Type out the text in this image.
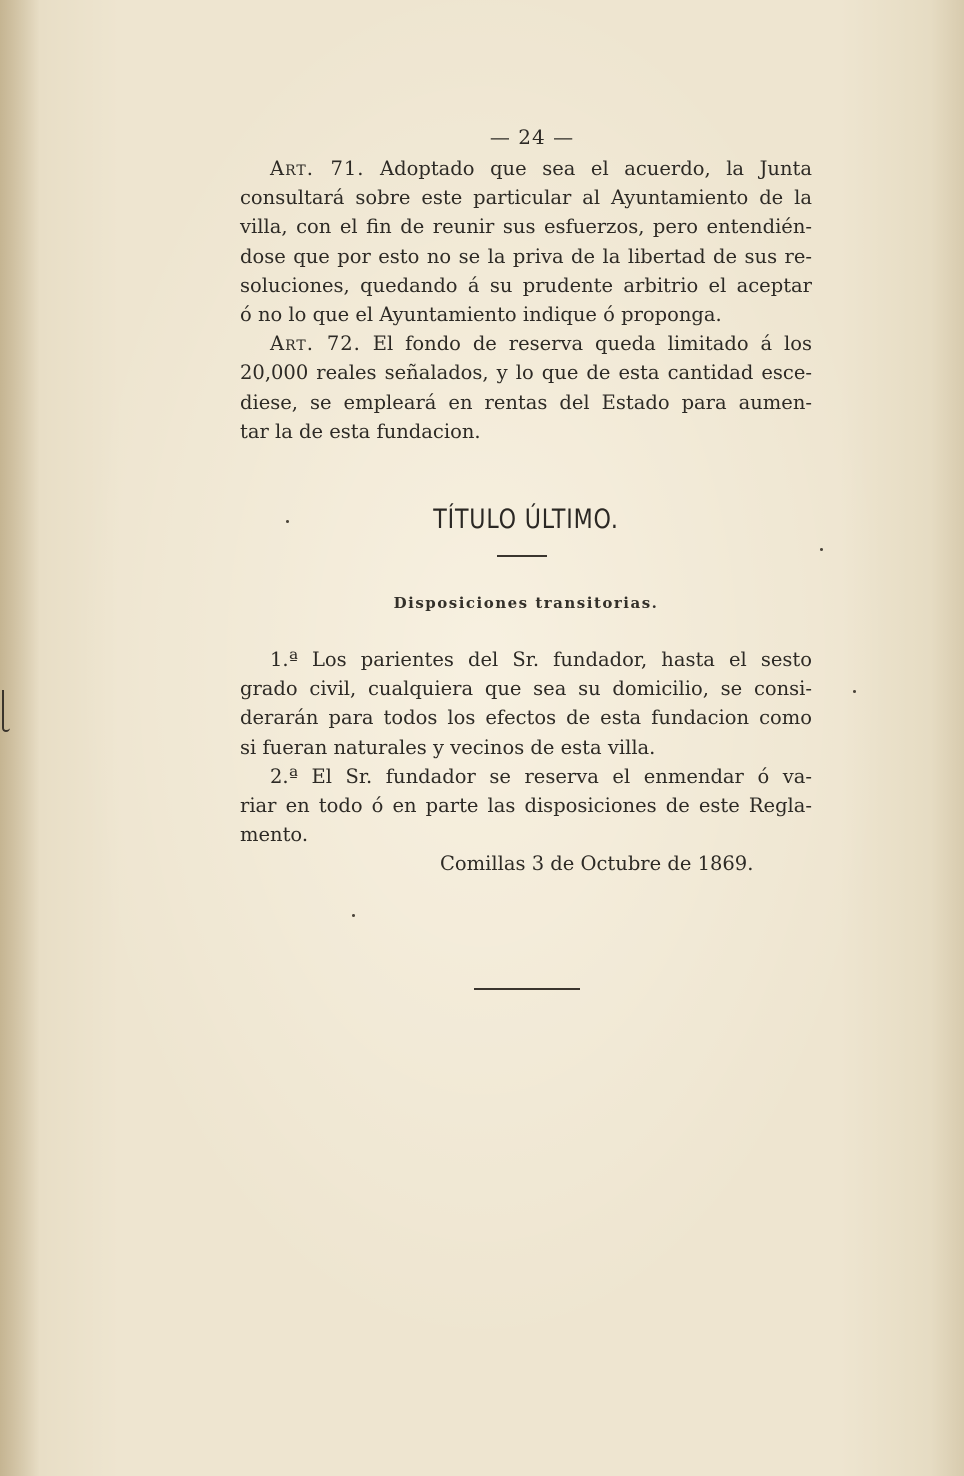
— 24 —

Art. 71. Adoptado que sea el acuerdo, la Junta
consultará sobre este particular al Ayuntamiento de la
villa, con el fin de reunir sus esfuerzos, pero entendién-
dose que por esto no se la priva de la libertad de sus re-
soluciones, quedando á su prudente arbitrio el aceptar
ó no lo que el Ayuntamiento indique ó proponga.

Art. 72. El fondo de reserva queda limitado á los
20,000 reales señalados, y lo que de esta cantidad esce-
diese, se empleará en rentas del Estado para aumen-
tar la de esta fundacion.

TÍTULO ÚLTIMO.
Disposiciones transitorias.

1.ª Los parientes del Sr. fundador, hasta el sesto
grado civil, cualquiera que sea su domicilio, se consi-
derarán para todos los efectos de esta fundacion como
si fueran naturales y vecinos de esta villa.

2.ª El Sr. fundador se reserva el enmendar ó va-
riar en todo ó en parte las disposiciones de este Regla-
mento.

Comillas 3 de Octubre de 1869.
